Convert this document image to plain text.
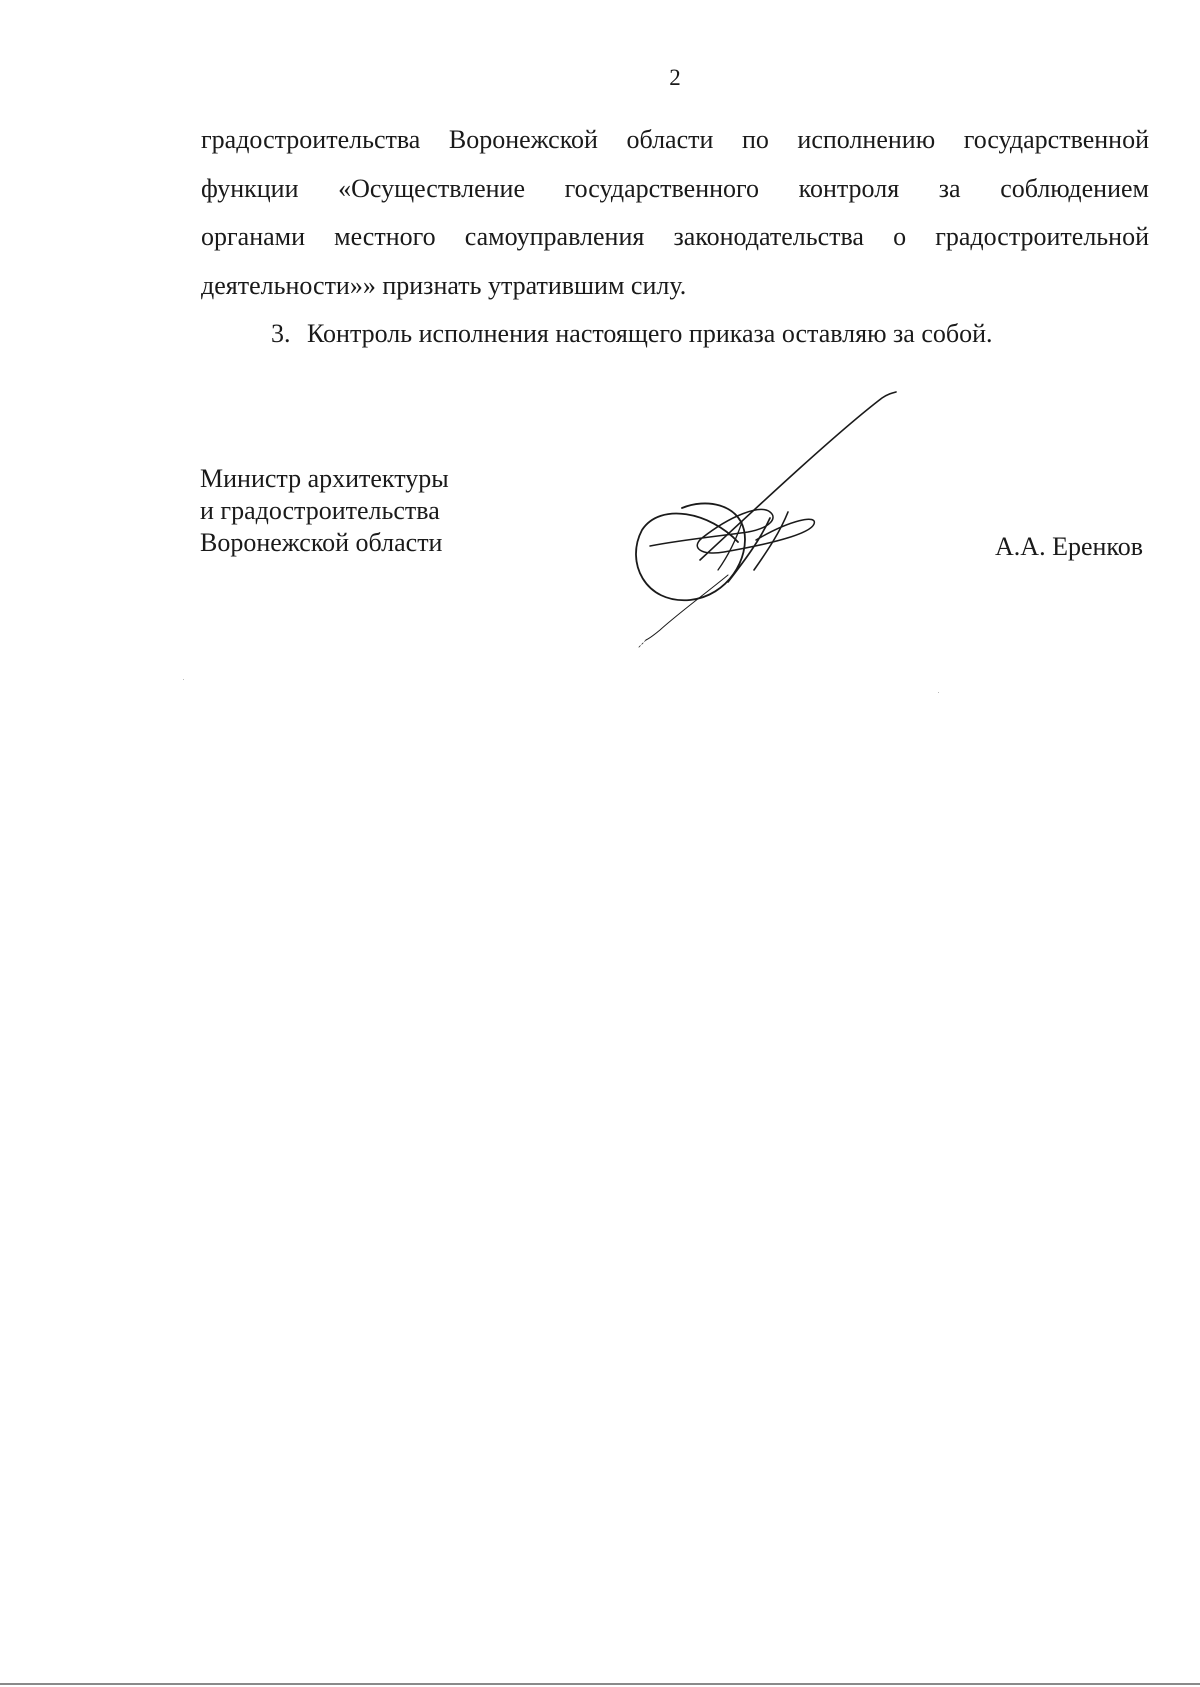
2

градостроительства Воронежской области по исполнению государственной
функции «Осуществление государственного контроля за соблюдением
органами местного самоуправления законодательства о градостроительной
деятельности»» признать утратившим силу.

3. Контроль исполнения настоящего приказа оставляю за собой.

Министр архитектуры
и градостроительства
Воронежской области	А.А. Еренков
